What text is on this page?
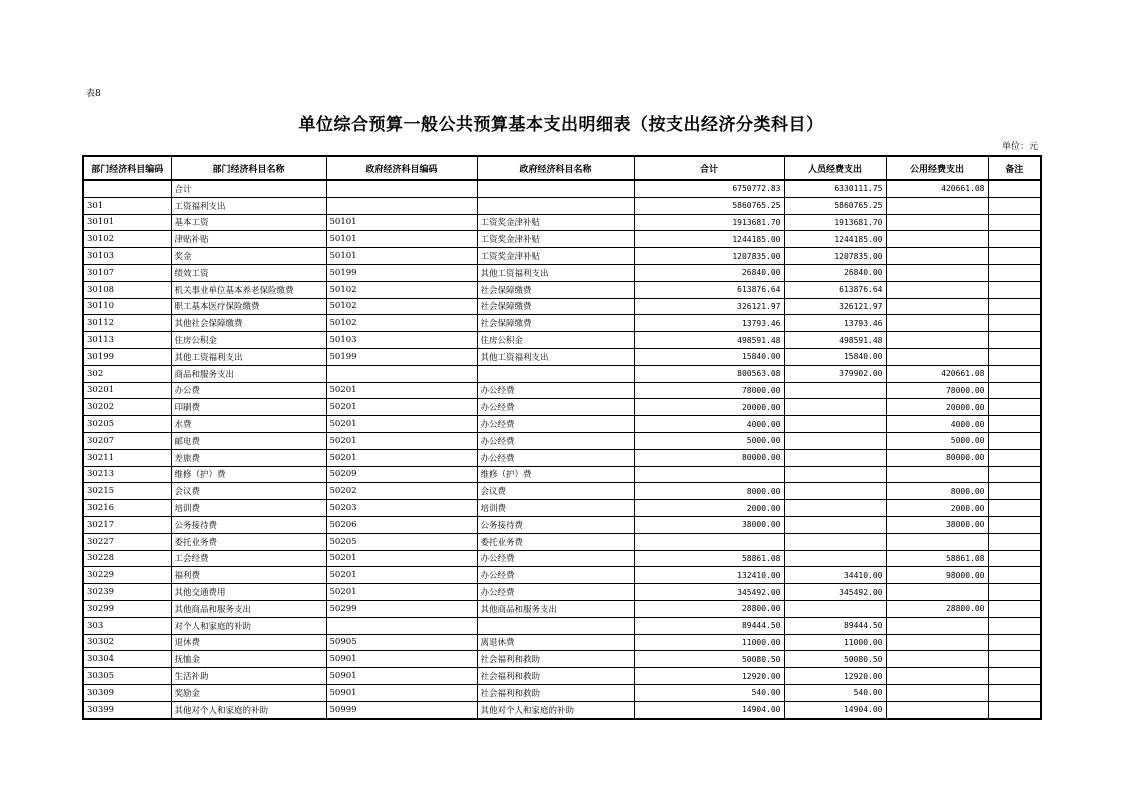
表8
单位综合预算一般公共预算基本支出明细表（按支出经济分类科目）
单位：元
部门经济科目编码	部门经济科目名称	政府经济科目编码	政府经济科目名称	合计	人员经费支出	公用经费支出	备注
	合计			6750772.83	6330111.75	420661.08	
301	工资福利支出			5860765.25	5860765.25		
30101	基本工资	50101	工资奖金津补贴	1913681.70	1913681.70		
30102	津贴补贴	50101	工资奖金津补贴	1244185.00	1244185.00		
30103	奖金	50101	工资奖金津补贴	1207835.00	1207835.00		
30107	绩效工资	50199	其他工资福利支出	26840.00	26840.00		
30108	机关事业单位基本养老保险缴费	50102	社会保障缴费	613876.64	613876.64		
30110	职工基本医疗保险缴费	50102	社会保障缴费	326121.97	326121.97		
30112	其他社会保障缴费	50102	社会保障缴费	13793.46	13793.46		
30113	住房公积金	50103	住房公积金	498591.48	498591.48		
30199	其他工资福利支出	50199	其他工资福利支出	15840.00	15840.00		
302	商品和服务支出			800563.08	379902.00	420661.08	
30201	办公费	50201	办公经费	78000.00		78000.00	
30202	印刷费	50201	办公经费	20000.00		20000.00	
30205	水费	50201	办公经费	4000.00		4000.00	
30207	邮电费	50201	办公经费	5000.00		5000.00	
30211	差旅费	50201	办公经费	80000.00		80000.00	
30213	维修（护）费	50209	维修（护）费				
30215	会议费	50202	会议费	8000.00		8000.00	
30216	培训费	50203	培训费	2000.00		2000.00	
30217	公务接待费	50206	公务接待费	38000.00		38000.00	
30227	委托业务费	50205	委托业务费				
30228	工会经费	50201	办公经费	58861.08		58861.08	
30229	福利费	50201	办公经费	132410.00	34410.00	98000.00	
30239	其他交通费用	50201	办公经费	345492.00	345492.00		
30299	其他商品和服务支出	50299	其他商品和服务支出	28800.00		28800.00	
303	对个人和家庭的补助			89444.50	89444.50		
30302	退休费	50905	离退休费	11000.00	11000.00		
30304	抚恤金	50901	社会福利和救助	50080.50	50080.50		
30305	生活补助	50901	社会福利和救助	12920.00	12920.00		
30309	奖励金	50901	社会福利和救助	540.00	540.00		
30399	其他对个人和家庭的补助	50999	其他对个人和家庭的补助	14904.00	14904.00		
